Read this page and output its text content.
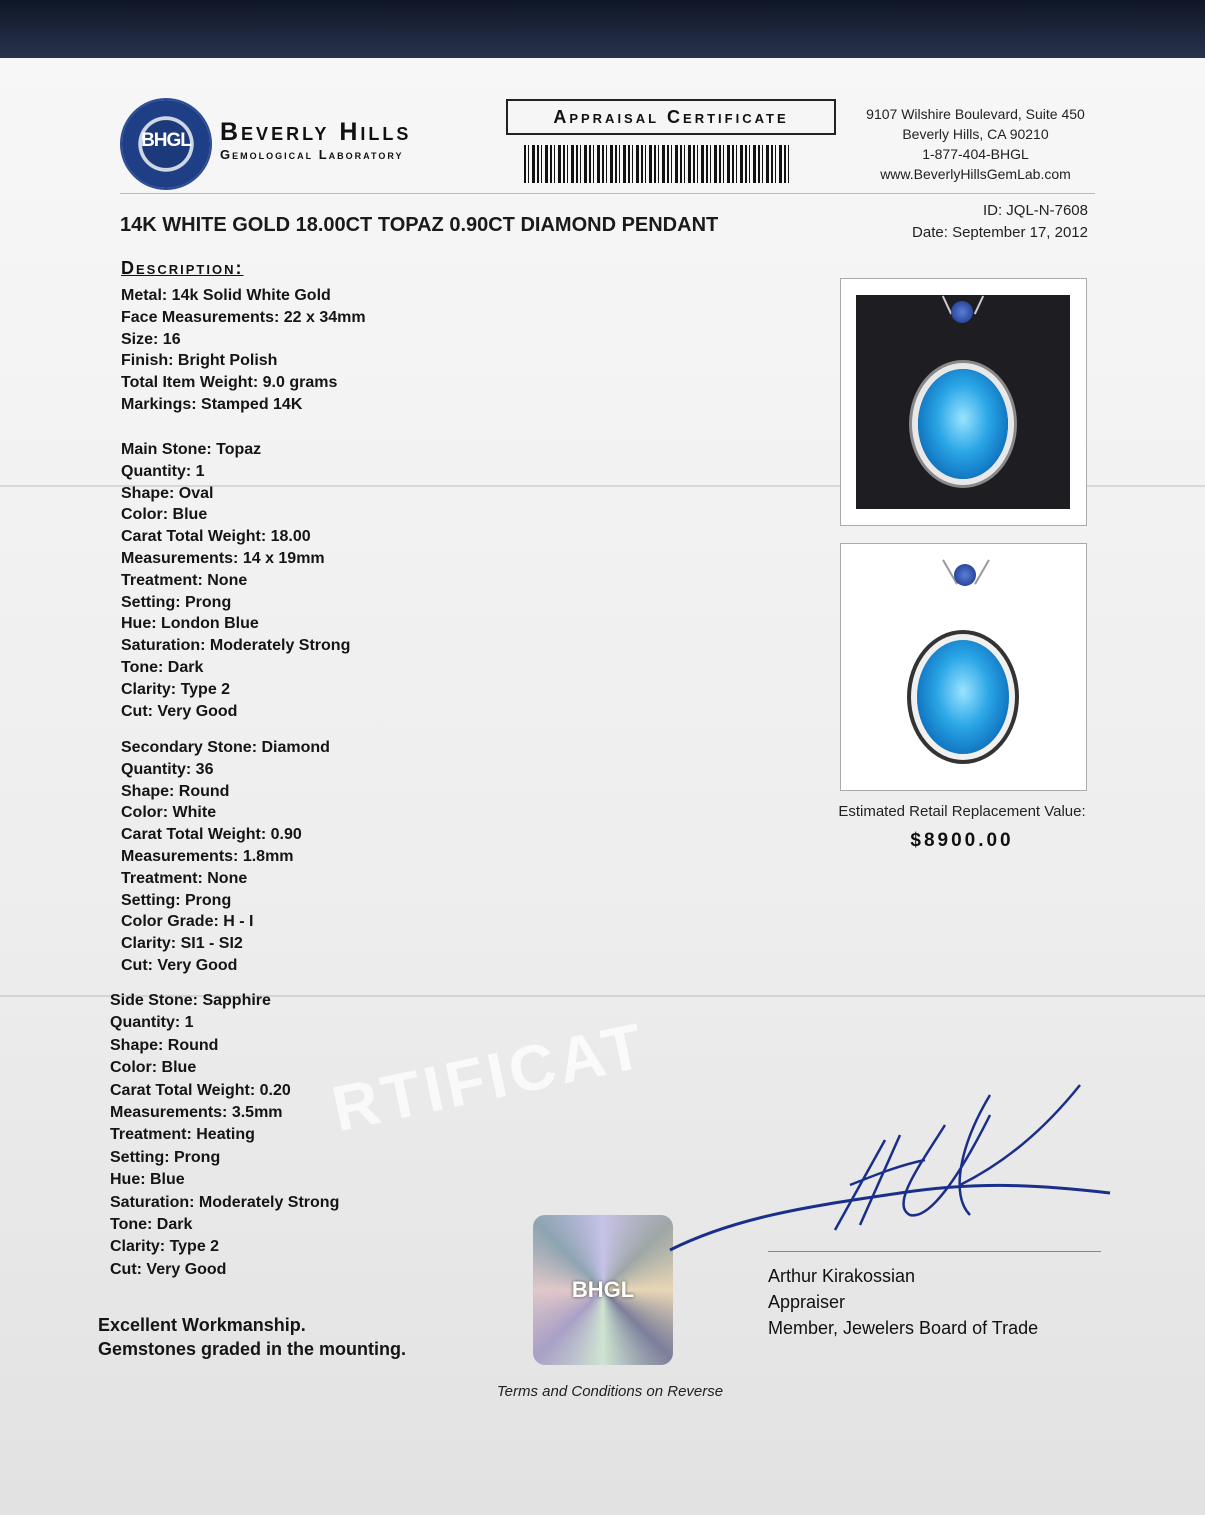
RTIFICAT
BHGL	Beverly Hills
Gemological Laboratory
Appraisal Certificate	9107 Wilshire Boulevard, Suite 450
Beverly Hills, CA 90210
1-877-404-BHGL
www.BeverlyHillsGemLab.com
14K WHITE GOLD 18.00CT TOPAZ 0.90CT DIAMOND PENDANT
ID: JQL-N-7608
Date: September 17, 2012
Description:
Metal: 14k Solid White Gold
Face Measurements: 22 x 34mm
Size: 16
Finish: Bright Polish
Total Item Weight: 9.0 grams
Markings: Stamped 14K
Main Stone: Topaz
Quantity: 1
Shape: Oval
Color: Blue
Carat Total Weight: 18.00
Measurements: 14 x 19mm
Treatment: None
Setting: Prong
Hue: London Blue
Saturation: Moderately Strong
Tone: Dark
Clarity: Type 2
Cut: Very Good
Secondary Stone: Diamond
Quantity: 36
Shape: Round
Color: White
Carat Total Weight: 0.90
Measurements: 1.8mm
Treatment: None
Setting: Prong
Color Grade: H - I
Clarity: SI1 - SI2
Cut: Very Good
Side Stone: Sapphire
Quantity: 1
Shape: Round
Color: Blue
Carat Total Weight: 0.20
Measurements: 3.5mm
Treatment: Heating
Setting: Prong
Hue: Blue
Saturation: Moderately Strong
Tone: Dark
Clarity: Type 2
Cut: Very Good
Excellent Workmanship.
Gemstones graded in the mounting.
Estimated Retail Replacement Value:
$8900.00
BHGL
Terms and Conditions on Reverse
Arthur Kirakossian
Appraiser
Member, Jewelers Board of Trade
